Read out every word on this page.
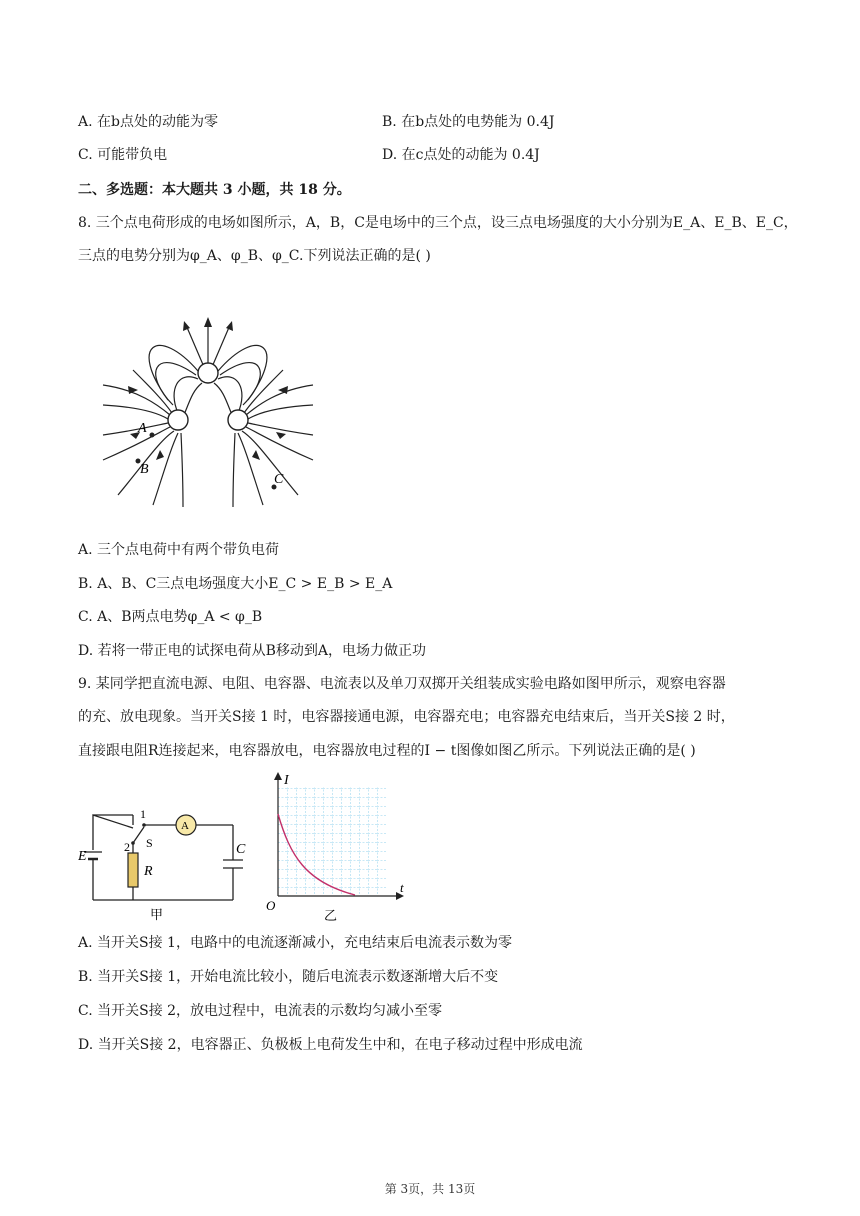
A. 在b点处的动能为零	B. 在b点处的电势能为 0.4J
C. 可能带负电	D. 在c点处的动能为 0.4J
二、多选题：本大题共 3 小题，共 18 分。
8. 三个点电荷形成的电场如图所示，A，B，C是电场中的三个点，设三点电场强度的大小分别为E_A、E_B、E_C，
三点的电势分别为φ_A、φ_B、φ_C.下列说法正确的是( )
A
B
C
A. 三个点电荷中有两个带负电荷
B. A、B、C三点电场强度大小E_C > E_B > E_A
C. A、B两点电势φ_A < φ_B
D. 若将一带正电的试探电荷从B移动到A，电场力做正功
9. 某同学把直流电源、电阻、电容器、电流表以及单刀双掷开关组装成实验电路如图甲所示，观察电容器
的充、放电现象。当开关S接 1 时，电容器接通电源，电容器充电；电容器充电结束后，当开关S接 2 时，
直接跟电阻R连接起来，电容器放电，电容器放电过程的I − t图像如图乙所示。下列说法正确的是( )
1
2 S
A
E
R
C
甲
I
t
O
乙
A. 当开关S接 1，电路中的电流逐渐减小，充电结束后电流表示数为零
B. 当开关S接 1，开始电流比较小，随后电流表示数逐渐增大后不变
C. 当开关S接 2，放电过程中，电流表的示数均匀减小至零
D. 当开关S接 2，电容器正、负极板上电荷发生中和，在电子移动过程中形成电流
第 3页，共 13页
